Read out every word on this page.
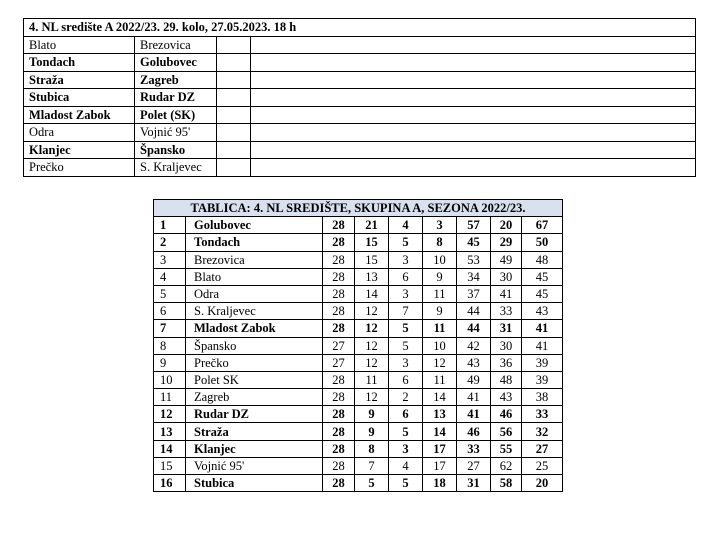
4. NL središte A 2022/23. 29. kolo, 27.05.2023. 18 h			
Blato	Brezovica		
Tondach	Golubovec		
Straža	Zagreb		
Stubica	Rudar DZ		
Mladost Zabok	Polet (SK)		
Odra	Vojnić 95'		
Klanjec	Špansko		
Prečko	S. Kraljevec		
TABLICA: 4. NL SREDIŠTE, SKUPINA A, SEZONA 2022/23.								
1	Golubovec	28	21	4	3	57	20	67
2	Tondach	28	15	5	8	45	29	50
3	Brezovica	28	15	3	10	53	49	48
4	Blato	28	13	6	9	34	30	45
5	Odra	28	14	3	11	37	41	45
6	S. Kraljevec	28	12	7	9	44	33	43
7	Mladost Zabok	28	12	5	11	44	31	41
8	Špansko	27	12	5	10	42	30	41
9	Prečko	27	12	3	12	43	36	39
10	Polet SK	28	11	6	11	49	48	39
11	Zagreb	28	12	2	14	41	43	38
12	Rudar DZ	28	9	6	13	41	46	33
13	Straža	28	9	5	14	46	56	32
14	Klanjec	28	8	3	17	33	55	27
15	Vojnić 95'	28	7	4	17	27	62	25
16	Stubica	28	5	5	18	31	58	20
